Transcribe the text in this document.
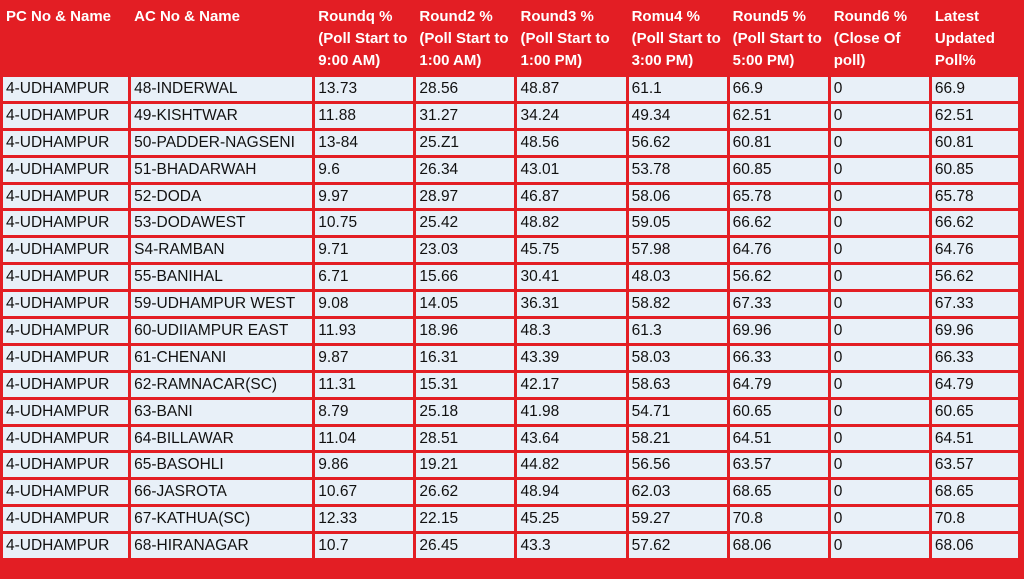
PC No & Name	AC No & Name	Roundq %(Poll Start to 9:00 AM)	Round2 % (Poll Start to 1:00 AM)	Round3 % (Poll Start to 1:00 PM)	Romu4 % (Poll Start to 3:00 PM)	Round5 % (Poll Start to 5:00 PM)	Round6 % (Close Of poll)	Latest Updated Poll%
4-UDHAMPUR	48-INDERWAL	13.73	28.56	48.87	61.1	66.9	0	66.9
4-UDHAMPUR	49-KISHTWAR	11.88	31.27	34.24	49.34	62.51	0	62.51
4-UDHAMPUR	50-PADDER-NAGSENI	13-84	25.Z1	48.56	56.62	60.81	0	60.81
4-UDHAMPUR	51-BHADARWAH	9.6	26.34	43.01	53.78	60.85	0	60.85
4-UDHAMPUR	52-DODA	9.97	28.97	46.87	58.06	65.78	0	65.78
4-UDHAMPUR	53-DODAWEST	10.75	25.42	48.82	59.05	66.62	0	66.62
4-UDHAMPUR	S4-RAMBAN	9.71	23.03	45.75	57.98	64.76	0	64.76
4-UDHAMPUR	55-BANIHAL	6.71	15.66	30.41	48.03	56.62	0	56.62
4-UDHAMPUR	59-UDHAMPUR WEST	9.08	14.05	36.31	58.82	67.33	0	67.33
4-UDHAMPUR	60-UDIIAMPUR EAST	11.93	18.96	48.3	61.3	69.96	0	69.96
4-UDHAMPUR	61-CHENANI	9.87	16.31	43.39	58.03	66.33	0	66.33
4-UDHAMPUR	62-RAMNACAR(SC)	11.31	15.31	42.17	58.63	64.79	0	64.79
4-UDHAMPUR	63-BANI	8.79	25.18	41.98	54.71	60.65	0	60.65
4-UDHAMPUR	64-BILLAWAR	11.04	28.51	43.64	58.21	64.51	0	64.51
4-UDHAMPUR	65-BASOHLI	9.86	19.21	44.82	56.56	63.57	0	63.57
4-UDHAMPUR	66-JASROTA	10.67	26.62	48.94	62.03	68.65	0	68.65
4-UDHAMPUR	67-KATHUA(SC)	12.33	22.15	45.25	59.27	70.8	0	70.8
4-UDHAMPUR	68-HIRANAGAR	10.7	26.45	43.3	57.62	68.06	0	68.06
